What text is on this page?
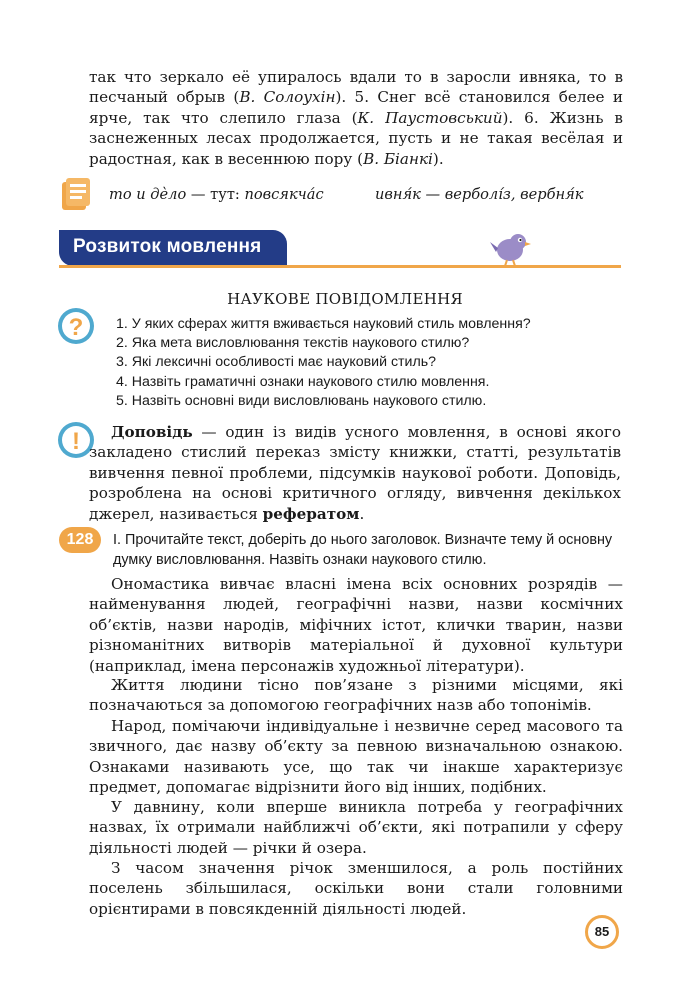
так что зеркало её упиралось вдали то в заросли ивняка, то в песчаный обрыв (В. Солоухін). 5. Снег всё становился белее и ярче, так что слепило глаза (К. Паустовський). 6. Жизнь в заснеженных лесах продолжается, пусть и не такая весёлая и радостная, как в весеннюю пору (В. Біанкі).

то и дѐло — тут: повсякча́с	ивня́к — верболі́з, вербня́к
Розвиток мовлення
НАУКОВЕ ПОВІДОМЛЕННЯ
? 1. У яких сферах життя вживається науковий стиль мовлення?
2. Яка мета висловлювання текстів наукового стилю?
3. Які лексичні особливості має науковий стиль?
4. Назвіть граматичні ознаки наукового стилю мовлення.
5. Назвіть основні види висловлювань наукового стилю.
!	Доповідь — один із видів усного мовлення, в основі якого закладено стислий переказ змісту книжки, статті, результатів вивчення певної проблеми, підсумків наукової роботи. Доповідь, розроблена на основі критичного огляду, вивчення декількох джерел, називається рефератом.

128	І. Прочитайте текст, доберіть до нього заголовок. Визначте тему й основну думку висловлювання. Назвіть ознаки наукового стилю.

Ономастика вивчає власні імена всіх основних розрядів — найменування людей, географічні назви, назви космічних об’єктів, назви народів, міфічних істот, клички тварин, назви різноманітних витворів матеріальної й духовної культури (наприклад, імена персонажів художньої літератури).

Життя людини тісно пов’язане з різними місцями, які позначаються за допомогою географічних назв або топонімів.

Народ, помічаючи індивідуальне і незвичне серед масового та звичного, дає назву об’єкту за певною визначальною ознакою. Ознаками називають усе, що так чи інакше характеризує предмет, допомагає відрізнити його від інших, подібних.

У давнину, коли вперше виникла потреба у географічних назвах, їх отримали найближчі об’єкти, які потрапили у сферу діяльності людей — річки й озера.

З часом значення річок зменшилося, а роль постійних поселень збільшилася, оскільки вони стали головними орієнтирами в повсякденній діяльності людей.

85
